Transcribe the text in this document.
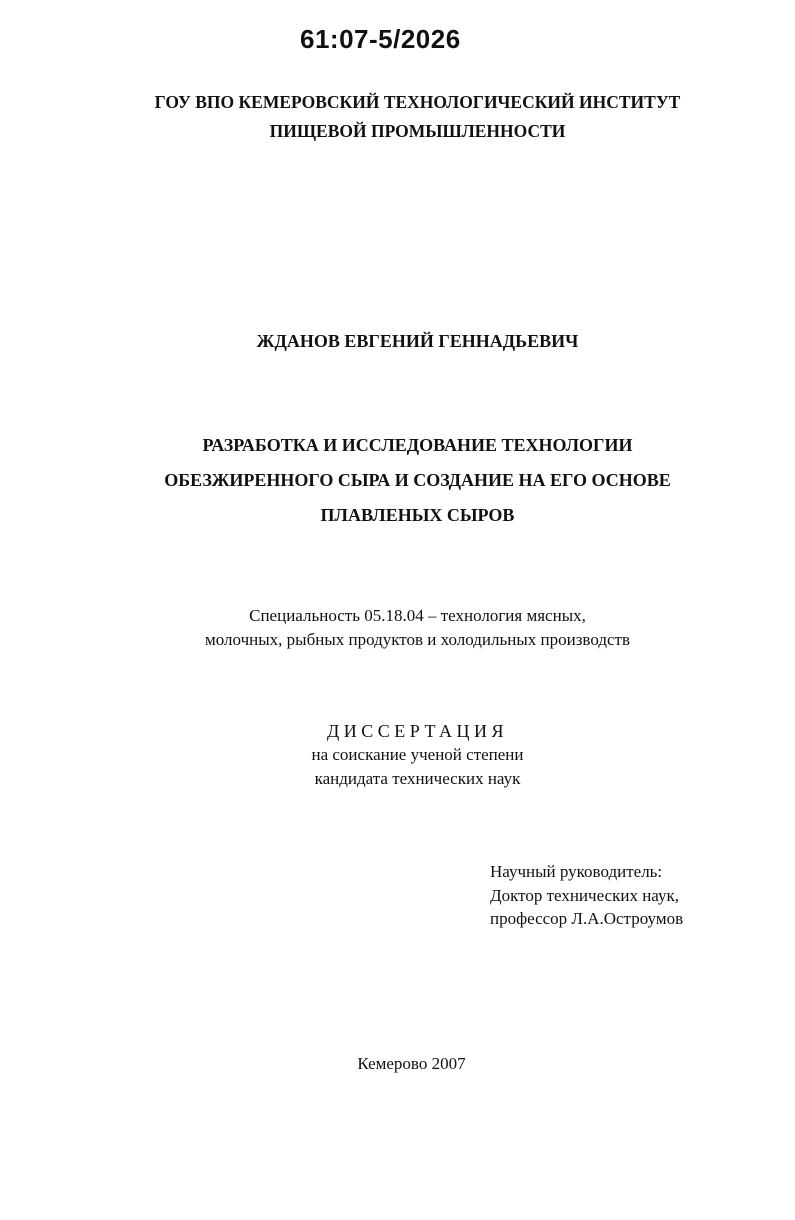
61:07-5/2026
ГОУ ВПО КЕМЕРОВСКИЙ ТЕХНОЛОГИЧЕСКИЙ ИНСТИТУТ
ПИЩЕВОЙ ПРОМЫШЛЕННОСТИ
ЖДАНОВ ЕВГЕНИЙ ГЕННАДЬЕВИЧ
РАЗРАБОТКА И ИССЛЕДОВАНИЕ ТЕХНОЛОГИИ
ОБЕЗЖИРЕННОГО СЫРА И СОЗДАНИЕ НА ЕГО ОСНОВЕ
ПЛАВЛЕНЫХ СЫРОВ
Специальность 05.18.04 – технология мясных,
молочных, рыбных продуктов и холодильных производств
ДИССЕРТАЦИЯ
на соискание ученой степени
кандидата технических наук
Научный руководитель:
Доктор технических наук,
профессор Л.А.Остроумов
Кемерово 2007
